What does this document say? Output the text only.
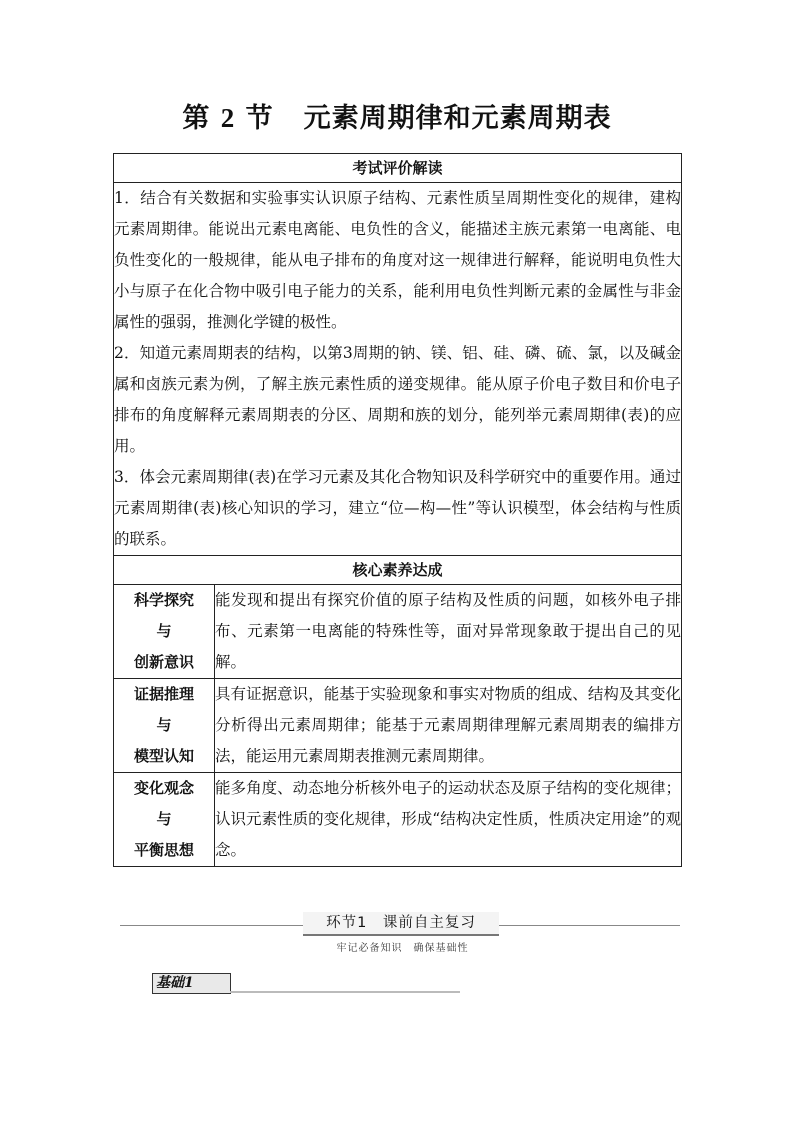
第 2 节 元素周期律和元素周期表
考试评价解读	

1．结合有关数据和实验事实认识原子结构、元素性质呈周期性变化的规律，建构元素周期律。能说出元素电离能、电负性的含义，能描述主族元素第一电离能、电负性变化的一般规律，能从电子排布的角度对这一规律进行解释，能说明电负性大小与原子在化合物中吸引电子能力的关系，能利用电负性判断元素的金属性与非金属性的强弱，推测化学键的极性。

2．知道元素周期表的结构，以第3周期的钠、镁、铝、硅、磷、硫、氯，以及碱金属和卤族元素为例，了解主族元素性质的递变规律。能从原子价电子数目和价电子排布的角度解释元素周期表的分区、周期和族的划分，能列举元素周期律(表)的应用。

3．体会元素周期律(表)在学习元素及其化合物知识及科学研究中的重要作用。通过元素周期律(表)核心知识的学习，建立“位—构—性”等认识模型，体会结构与性质的联系。	

核心素养达成	

科学探究
与
创新意识	能发现和提出有探究价值的原子结构及性质的问题，如核外电子排布、元素第一电离能的特殊性等，面对异常现象敢于提出自己的见解。

证据推理
与
模型认知	具有证据意识，能基于实验现象和事实对物质的组成、结构及其变化分析得出元素周期律；能基于元素周期律理解元素周期表的编排方法，能运用元素周期表推测元素周期律。

变化观念
与
平衡思想	能多角度、动态地分析核外电子的运动状态及原子结构的变化规律；认识元素性质的变化规律，形成“结构决定性质，性质决定用途”的观念。
环节1　课前自主复习
牢记必备知识　确保基础性
基础1
